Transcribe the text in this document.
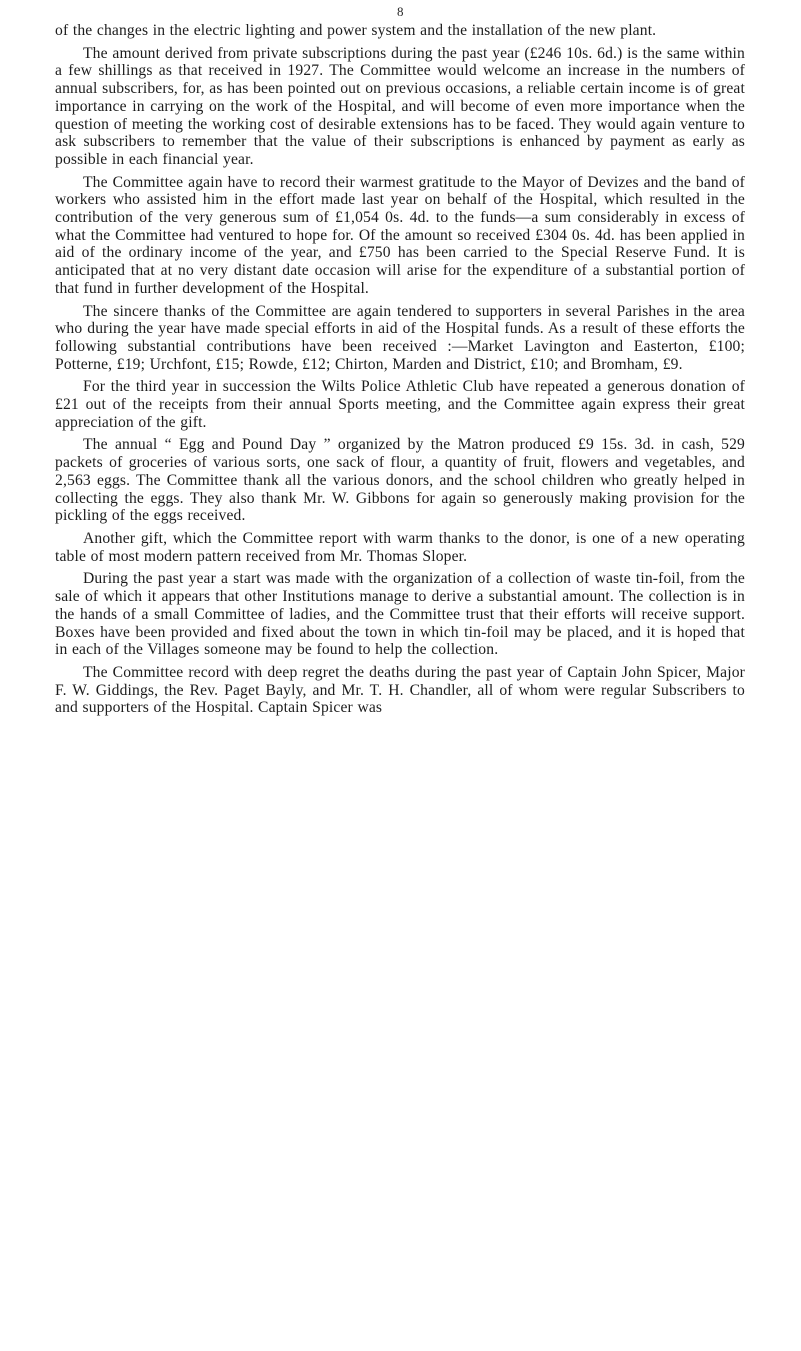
8

of the changes in the electric lighting and power system and the installation of the new plant.

The amount derived from private subscriptions during the past year (£246 10s. 6d.) is the same within a few shillings as that received in 1927. The Committee would welcome an increase in the numbers of annual subscribers, for, as has been pointed out on previous occasions, a reliable certain income is of great importance in carrying on the work of the Hospital, and will become of even more importance when the question of meeting the working cost of desirable extensions has to be faced. They would again venture to ask subscribers to remember that the value of their subscriptions is enhanced by payment as early as possible in each financial year.

The Committee again have to record their warmest gratitude to the Mayor of Devizes and the band of workers who assisted him in the effort made last year on behalf of the Hospital, which resulted in the contribution of the very generous sum of £1,054 0s. 4d. to the funds—a sum considerably in excess of what the Committee had ventured to hope for. Of the amount so received £304 0s. 4d. has been applied in aid of the ordinary income of the year, and £750 has been carried to the Special Reserve Fund. It is anticipated that at no very distant date occasion will arise for the expenditure of a substantial portion of that fund in further development of the Hospital.

The sincere thanks of the Committee are again tendered to supporters in several Parishes in the area who during the year have made special efforts in aid of the Hospital funds. As a result of these efforts the following substantial contributions have been received :—Market Lavington and Easterton, £100; Potterne, £19; Urchfont, £15; Rowde, £12; Chirton, Marden and District, £10; and Bromham, £9.

For the third year in succession the Wilts Police Athletic Club have repeated a generous donation of £21 out of the receipts from their annual Sports meeting, and the Committee again express their great appreciation of the gift.

The annual “ Egg and Pound Day ” organized by the Matron produced £9 15s. 3d. in cash, 529 packets of groceries of various sorts, one sack of flour, a quantity of fruit, flowers and vegetables, and 2,563 eggs. The Committee thank all the various donors, and the school children who greatly helped in collecting the eggs. They also thank Mr. W. Gibbons for again so generously making provision for the pickling of the eggs received.

Another gift, which the Committee report with warm thanks to the donor, is one of a new operating table of most modern pattern received from Mr. Thomas Sloper.

During the past year a start was made with the organization of a collection of waste tin-foil, from the sale of which it appears that other Institutions manage to derive a substantial amount. The collection is in the hands of a small Committee of ladies, and the Committee trust that their efforts will receive support. Boxes have been provided and fixed about the town in which tin-foil may be placed, and it is hoped that in each of the Villages someone may be found to help the collection.

The Committee record with deep regret the deaths during the past year of Captain John Spicer, Major F. W. Giddings, the Rev. Paget Bayly, and Mr. T. H. Chandler, all of whom were regular Subscribers to and supporters of the Hospital. Captain Spicer was
